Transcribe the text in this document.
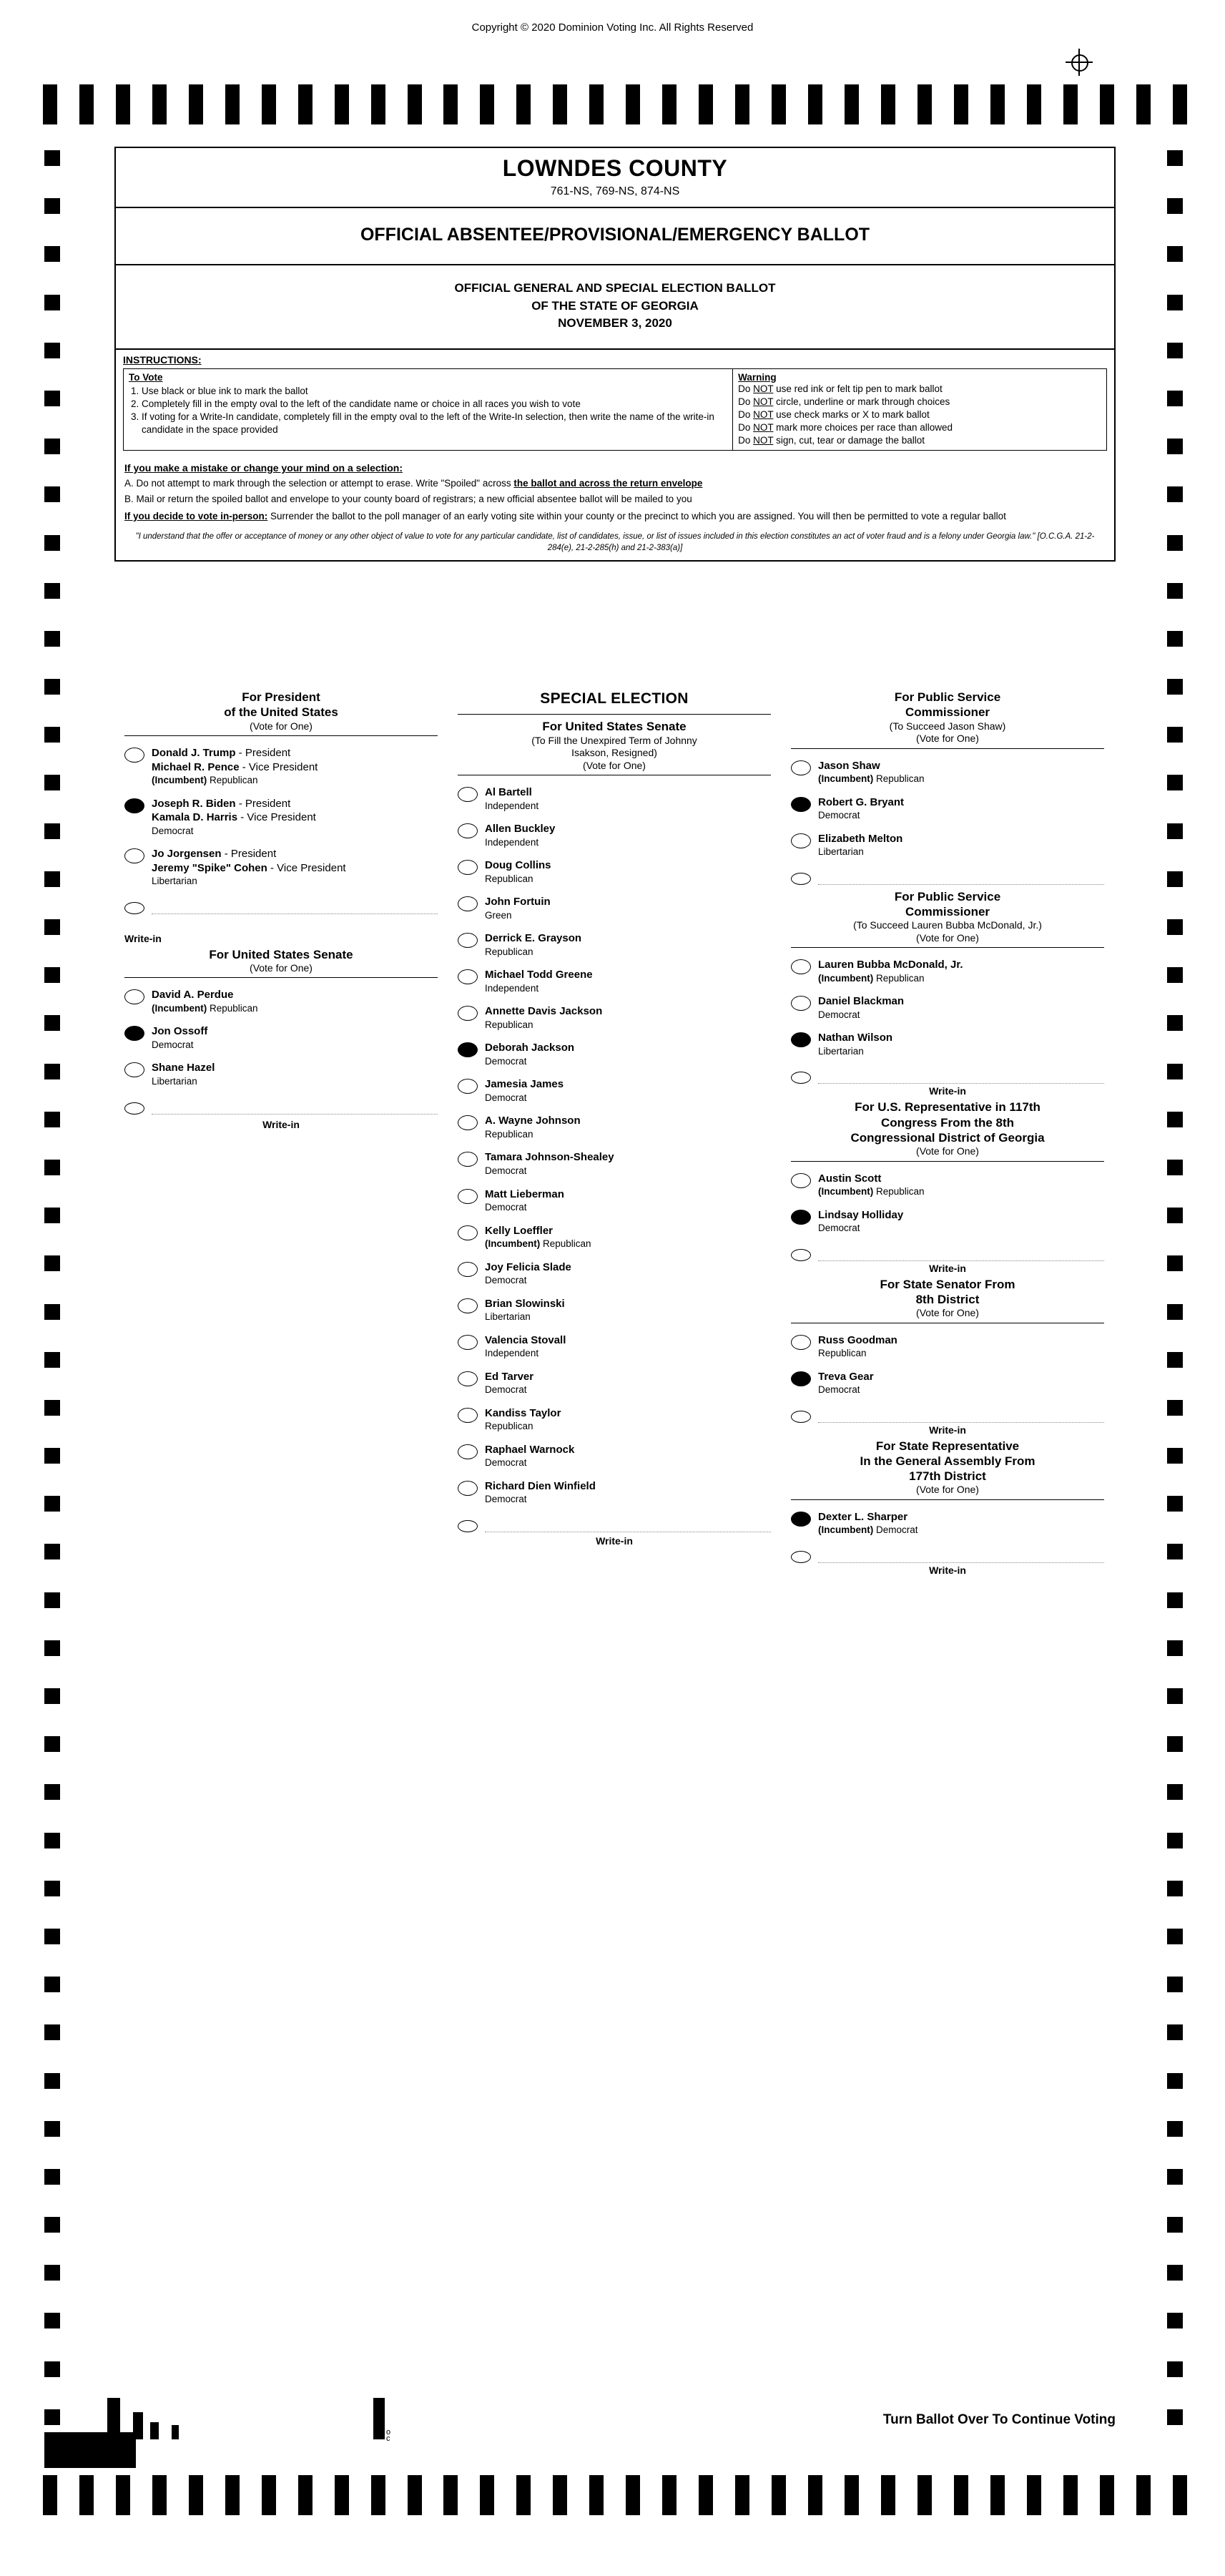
Copyright © 2020 Dominion Voting Inc. All Rights Reserved
+
o
c
LOWNDES COUNTY
761-NS, 769-NS, 874-NS
OFFICIAL ABSENTEE/PROVISIONAL/EMERGENCY BALLOT
OFFICIAL GENERAL AND SPECIAL ELECTION BALLOT
OF THE STATE OF GEORGIA
NOVEMBER 3, 2020
INSTRUCTIONS:
To Vote
1. Use black or blue ink to mark the ballot
2. Completely fill in the empty oval to the left of the candidate name or choice in all races you wish to vote
3. If voting for a Write-In candidate, completely fill in the empty oval to the left of the Write-In selection, then write the name of the write-in candidate in the space provided
Warning
Do NOT use red ink or felt tip pen to mark ballot
Do NOT circle, underline or mark through choices
Do NOT use check marks or X to mark ballot
Do NOT mark more choices per race than allowed
Do NOT sign, cut, tear or damage the ballot
If you make a mistake or change your mind on a selection:

A. Do not attempt to mark through the selection or attempt to erase. Write "Spoiled" across the ballot and across the return envelope

B. Mail or return the spoiled ballot and envelope to your county board of registrars; a new official absentee ballot will be mailed to you

If you decide to vote in-person: Surrender the ballot to the poll manager of an early voting site within your county or the precinct to which you are assigned. You will then be permitted to vote a regular ballot
"I understand that the offer or acceptance of money or any other object of value to vote for any particular candidate, list of candidates, issue, or list of issues included in this election constitutes an act of voter fraud and is a felony under Georgia law." [O.C.G.A. 21-2-284(e), 21-2-285(h) and 21-2-383(a)]
For President
of the United States
(Vote for One)
Donald J. Trump - President
Michael R. Pence - Vice President
(Incumbent) Republican
Joseph R. Biden - President
Kamala D. Harris - Vice President
Democrat
Jo Jorgensen - President
Jeremy "Spike" Cohen - Vice President
Libertarian
Write-in
For United States Senate
(Vote for One)
David A. Perdue
(Incumbent) Republican
Jon Ossoff
Democrat
Shane Hazel
Libertarian
Write-in
SPECIAL ELECTION
For United States Senate
(To Fill the Unexpired Term of Johnny
Isakson, Resigned)
(Vote for One)
Al Bartell
Independent
Allen Buckley
Independent
Doug Collins
Republican
John Fortuin
Green
Derrick E. Grayson
Republican
Michael Todd Greene
Independent
Annette Davis Jackson
Republican
Deborah Jackson
Democrat
Jamesia James
Democrat
A. Wayne Johnson
Republican
Tamara Johnson-Shealey
Democrat
Matt Lieberman
Democrat
Kelly Loeffler
(Incumbent) Republican
Joy Felicia Slade
Democrat
Brian Slowinski
Libertarian
Valencia Stovall
Independent
Ed Tarver
Democrat
Kandiss Taylor
Republican
Raphael Warnock
Democrat
Richard Dien Winfield
Democrat
Write-in
For Public Service
Commissioner
(To Succeed Jason Shaw)
(Vote for One)
Jason Shaw
(Incumbent) Republican
Robert G. Bryant
Democrat
Elizabeth Melton
Libertarian
For Public Service
Commissioner
(To Succeed Lauren Bubba McDonald, Jr.)
(Vote for One)
Lauren Bubba McDonald, Jr.
(Incumbent) Republican
Daniel Blackman
Democrat
Nathan Wilson
Libertarian
Write-in
For U.S. Representative in 117th
Congress From the 8th
Congressional District of Georgia
(Vote for One)
Austin Scott
(Incumbent) Republican
Lindsay Holliday
Democrat
Write-in
For State Senator From
8th District
(Vote for One)
Russ Goodman
Republican
Treva Gear
Democrat
Write-in
For State Representative
In the General Assembly From
177th District
(Vote for One)
Dexter L. Sharper
(Incumbent) Democrat
Write-in
Turn Ballot Over To Continue Voting
